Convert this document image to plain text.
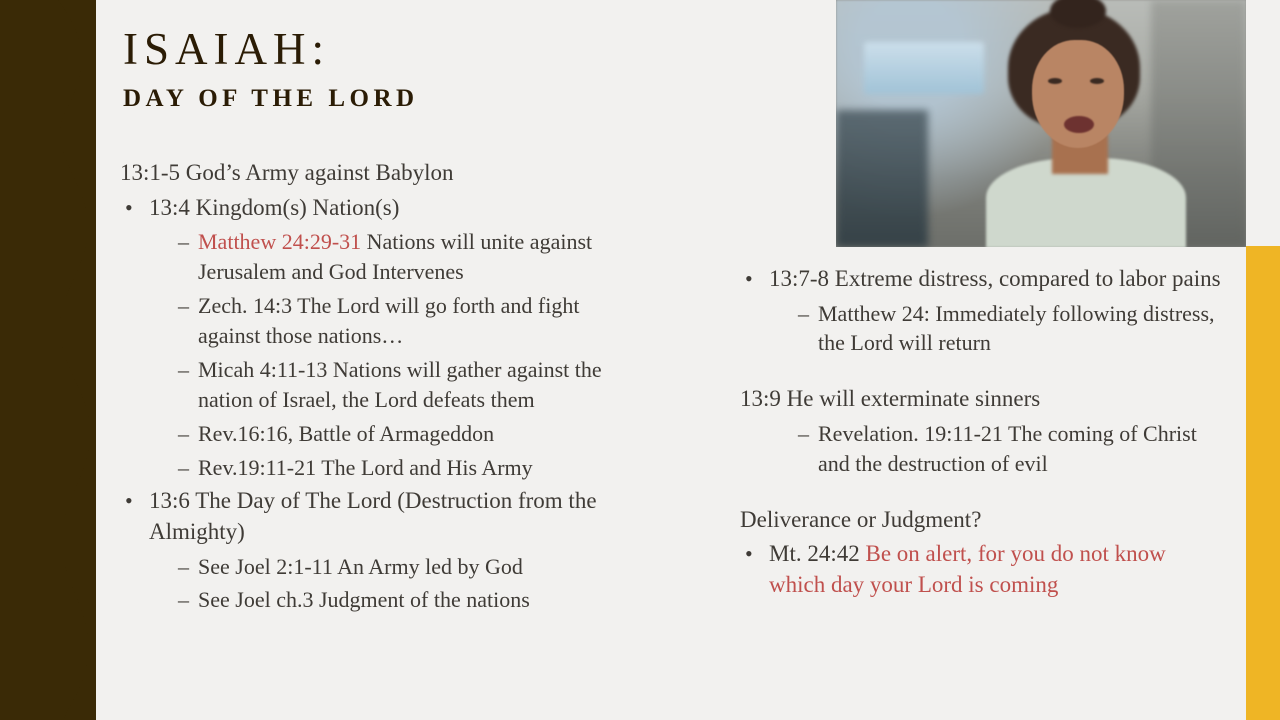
ISAIAH:
DAY OF THE LORD
13:1-5 God’s Army against Babylon
• 13:4 Kingdom(s) Nation(s)
– Matthew 24:29-31 Nations will unite against Jerusalem and God Intervenes
– Zech. 14:3 The Lord will go forth and fight against those nations…
– Micah 4:11-13 Nations will gather against the nation of Israel, the Lord defeats them
– Rev.16:16, Battle of Armageddon
– Rev.19:11-21 The Lord and His Army
• 13:6 The Day of The Lord (Destruction from the Almighty)
– See Joel 2:1-11 An Army led by God
– See Joel ch.3 Judgment of the nations
• 13:7-8 Extreme distress, compared to labor pains
– Matthew 24: Immediately following distress, the Lord will return
13:9 He will exterminate sinners
– Revelation. 19:11-21 The coming of Christ and the destruction of evil
Deliverance or Judgment?
• Mt. 24:42 Be on alert, for you do not know which day your Lord is coming
